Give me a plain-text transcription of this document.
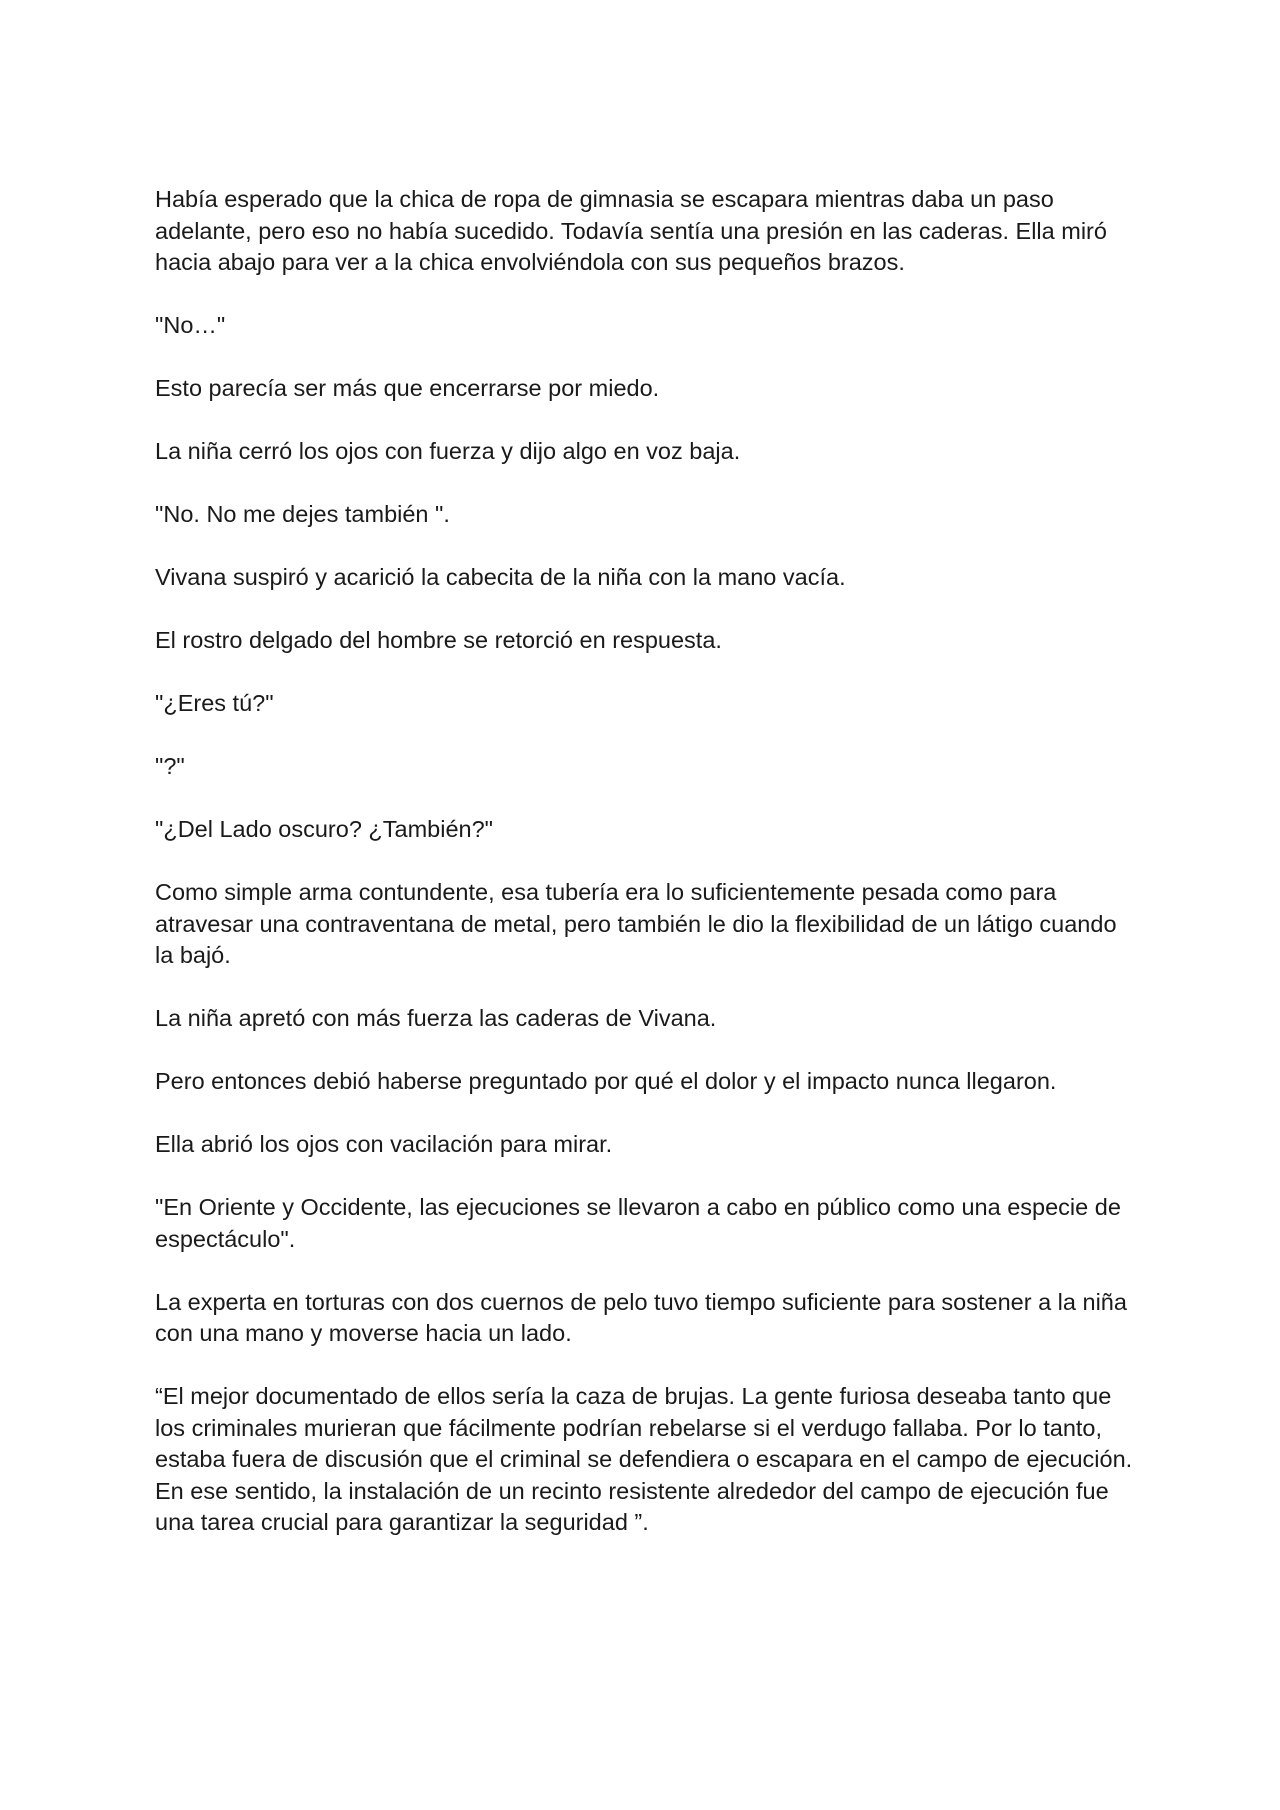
Había esperado que la chica de ropa de gimnasia se escapara mientras daba un paso adelante, pero eso no había sucedido. Todavía sentía una presión en las caderas. Ella miró hacia abajo para ver a la chica envolviéndola con sus pequeños brazos.

"No…"

Esto parecía ser más que encerrarse por miedo.

La niña cerró los ojos con fuerza y dijo algo en voz baja.

"No. No me dejes también ".

Vivana suspiró y acarició la cabecita de la niña con la mano vacía.

El rostro delgado del hombre se retorció en respuesta.

"¿Eres tú?"

"?"

"¿Del Lado oscuro? ¿También?"

Como simple arma contundente, esa tubería era lo suficientemente pesada como para atravesar una contraventana de metal, pero también le dio la flexibilidad de un látigo cuando la bajó.

La niña apretó con más fuerza las caderas de Vivana.

Pero entonces debió haberse preguntado por qué el dolor y el impacto nunca llegaron.

Ella abrió los ojos con vacilación para mirar.

"En Oriente y Occidente, las ejecuciones se llevaron a cabo en público como una especie de espectáculo".

La experta en torturas con dos cuernos de pelo tuvo tiempo suficiente para sostener a la niña con una mano y moverse hacia un lado.

“El mejor documentado de ellos sería la caza de brujas. La gente furiosa deseaba tanto que los criminales murieran que fácilmente podrían rebelarse si el verdugo fallaba. Por lo tanto, estaba fuera de discusión que el criminal se defendiera o escapara en el campo de ejecución. En ese sentido, la instalación de un recinto resistente alrededor del campo de ejecución fue una tarea crucial para garantizar la seguridad ”.
